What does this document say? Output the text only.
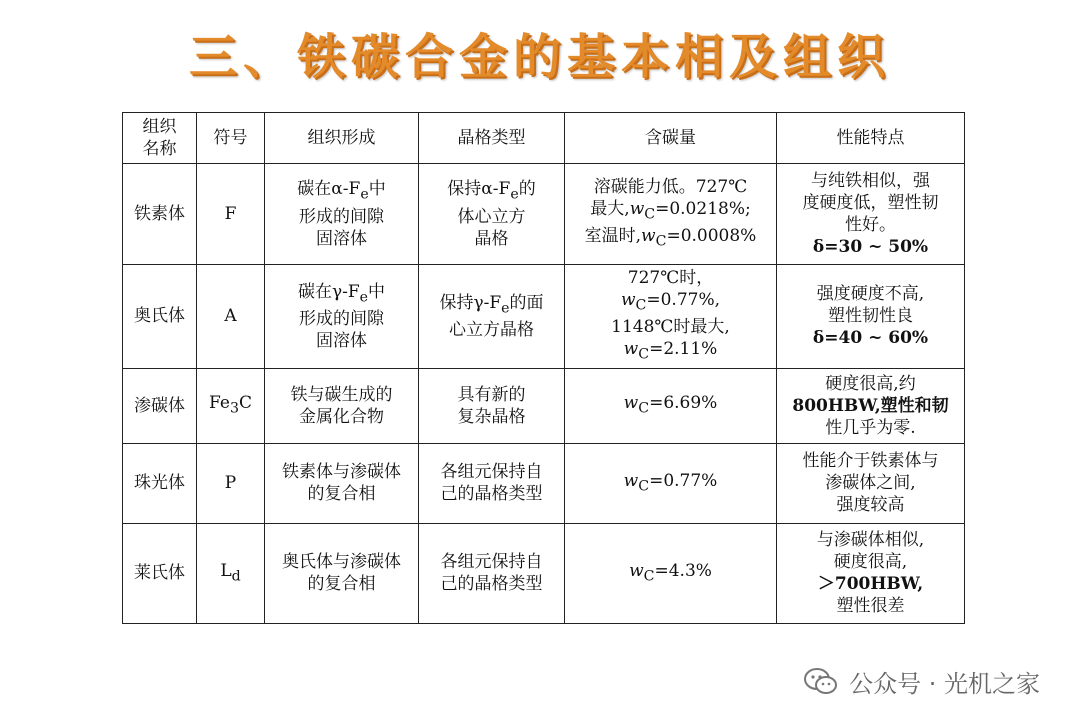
三、铁碳合金的基本相及组织
组织
名称	符号	组织形成	晶格类型	含碳量	性能特点
铁素体	F	碳在$\alpha-F_e$中
形成的间隙
固溶体	保持$\alpha-F_e$的
体心立方
晶格	溶碳能力低。727℃
最大$,w_C=0.0218\%$;
室温时$,w_C=0.0008\%$	与纯铁相似，强
度硬度低，塑性韧
性好。
δ=30 ~ 50%
奥氏体	A	碳在$\gamma-F_e$中
形成的间隙
固溶体	保持$\gamma-F_e$的面
心立方晶格	727℃时，
$w_C=0.77\%$,
1148℃时最大,
$w_C=2.11\%$	强度硬度不高,
塑性韧性良
δ=40 ~ 60%
渗碳体	$Fe_3C$	铁与碳生成的
金属化合物	具有新的
复杂晶格	$w_C=6.69\%$	硬度很高,约
800HBW,塑性和韧
性几乎为零.
珠光体	P	铁素体与渗碳体
的复合相	各组元保持自
己的晶格类型	$w_C=0.77\%$	性能介于铁素体与
渗碳体之间,
强度较高
莱氏体	$L_d$	奥氏体与渗碳体
的复合相	各组元保持自
己的晶格类型	$w_C=4.3\%$	与渗碳体相似,
硬度很高,
＞700HBW,
塑性很差
公众号 · 光机之家
